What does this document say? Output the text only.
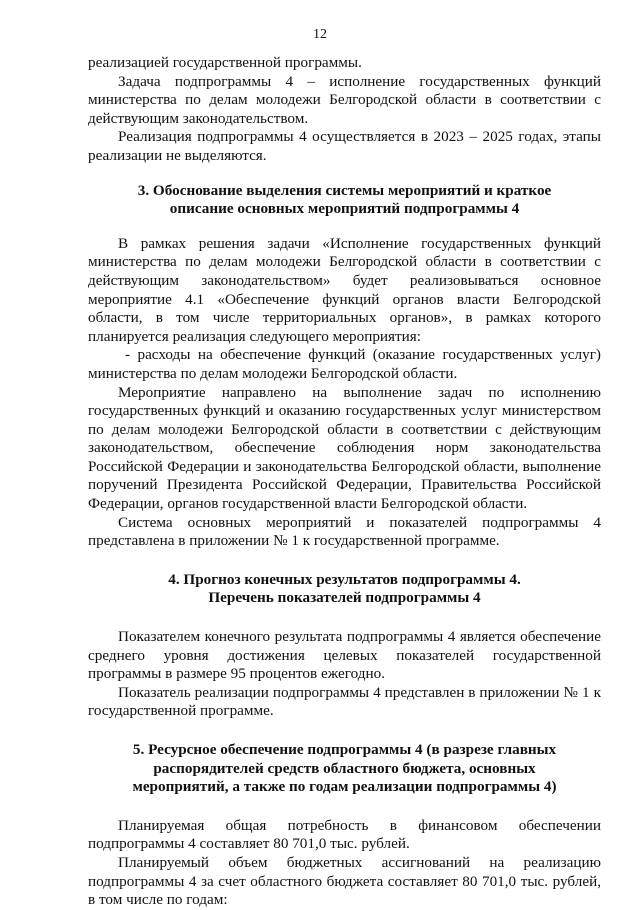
12

реализацией государственной программы.

Задача подпрограммы 4 – исполнение государственных функций министерства по делам молодежи Белгородской области в соответствии с действующим законодательством.

Реализация подпрограммы 4 осуществляется в 2023 – 2025 годах, этапы реализации не выделяются.

3. Обоснование выделения системы мероприятий и краткое
описание основных мероприятий подпрограммы 4

В рамках решения задачи «Исполнение государственных функций министерства по делам молодежи Белгородской области в соответствии с действующим законодательством» будет реализовываться основное мероприятие 4.1 «Обеспечение функций органов власти Белгородской области, в том числе территориальных органов», в рамках которого планируется реализация следующего мероприятия:

- расходы на обеспечение функций (оказание государственных услуг) министерства по делам молодежи Белгородской области.

Мероприятие направлено на выполнение задач по исполнению государственных функций и оказанию государственных услуг министерством по делам молодежи Белгородской области в соответствии с действующим законодательством, обеспечение соблюдения норм законодательства Российской Федерации и законодательства Белгородской области, выполнение поручений Президента Российской Федерации, Правительства Российской Федерации, органов государственной власти Белгородской области.

Система основных мероприятий и показателей подпрограммы 4 представлена в приложении № 1 к государственной программе.

4. Прогноз конечных результатов подпрограммы 4.
Перечень показателей подпрограммы 4

Показателем конечного результата подпрограммы 4 является обеспечение среднего уровня достижения целевых показателей государственной программы в размере 95 процентов ежегодно.

Показатель реализации подпрограммы 4 представлен в приложении № 1 к государственной программе.

5. Ресурсное обеспечение подпрограммы 4 (в разрезе главных
распорядителей средств областного бюджета, основных
мероприятий, а также по годам реализации подпрограммы 4)

Планируемая общая потребность в финансовом обеспечении подпрограммы 4 составляет 80 701,0 тыс. рублей.

Планируемый объем бюджетных ассигнований на реализацию подпрограммы 4 за счет областного бюджета составляет 80 701,0 тыс. рублей, в том числе по годам:
